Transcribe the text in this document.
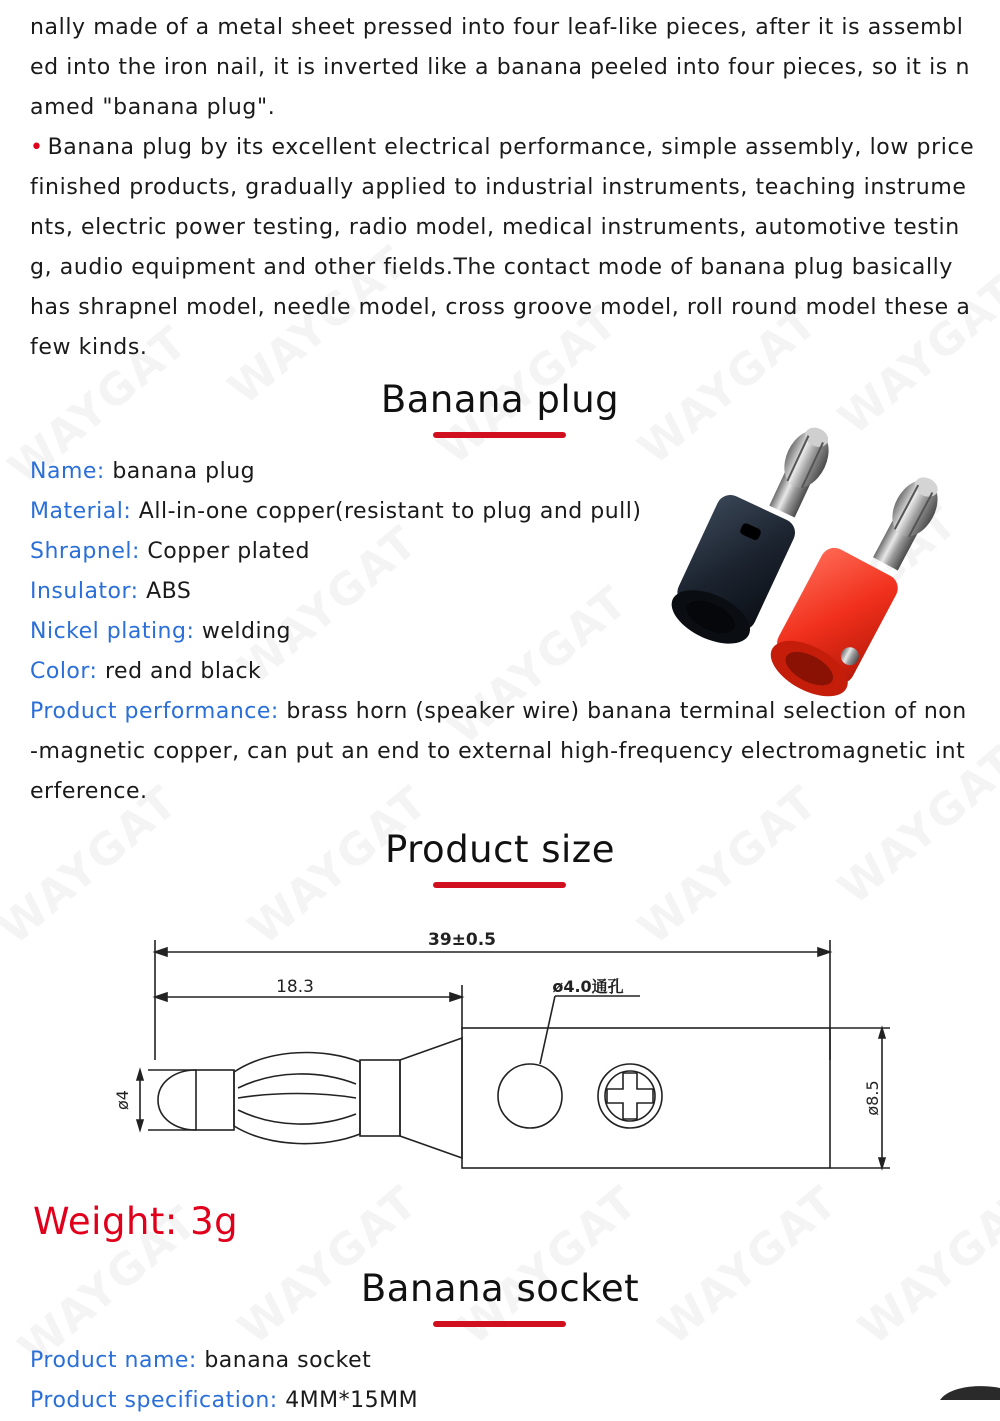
nally made of a metal sheet pressed into four leaf-like pieces, after it is assembled into the iron nail, it is inverted like a banana peeled into four pieces, so it is named "banana plug".

• Banana plug by its excellent electrical performance, simple assembly, low price finished products, gradually applied to industrial instruments, teaching instruments, electric power testing, radio model, medical instruments, automotive testing, audio equipment and other fields.The contact mode of banana plug basically has shrapnel model, needle model, cross groove model, roll round model these a few kinds.

Banana plug

Name: banana plug

Material: All-in-one copper(resistant to plug and pull)

Shrapnel: Copper plated

Insulator: ABS

Nickel plating: welding

Color: red and black

Product performance: brass horn (speaker wire) banana terminal selection of non-magnetic copper, can put an end to external high-frequency electromagnetic interference.

Product size
39±0.5
18.3	ø4.0通孔
ø4	ø8.5

Weight: 3g

Banana socket

Product name: banana socket

Product specification: 4MM*15MM
